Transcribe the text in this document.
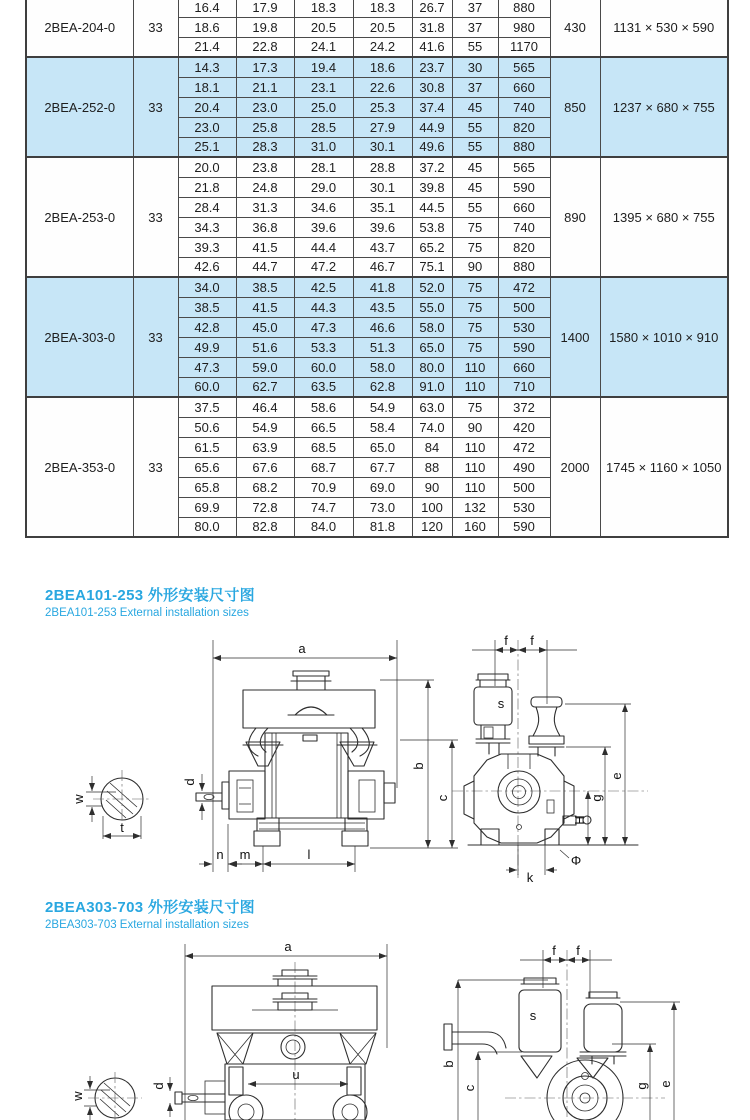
2BEA-204-0	33	16.4	17.9	18.3	18.3	26.7	37	880	430	1131 × 530 × 590
		18.6	19.8	20.5	20.5	31.8	37	980		
		21.4	22.8	24.1	24.2	41.6	55	1170		
2BEA-252-0	33	14.3	17.3	19.4	18.6	23.7	30	565	850	1237 × 680 × 755
		18.1	21.1	23.1	22.6	30.8	37	660		
		20.4	23.0	25.0	25.3	37.4	45	740		
		23.0	25.8	28.5	27.9	44.9	55	820		
		25.1	28.3	31.0	30.1	49.6	55	880		
2BEA-253-0	33	20.0	23.8	28.1	28.8	37.2	45	565	890	1395 × 680 × 755
		21.8	24.8	29.0	30.1	39.8	45	590		
		28.4	31.3	34.6	35.1	44.5	55	660		
		34.3	36.8	39.6	39.6	53.8	75	740		
		39.3	41.5	44.4	43.7	65.2	75	820		
		42.6	44.7	47.2	46.7	75.1	90	880		
2BEA-303-0	33	34.0	38.5	42.5	41.8	52.0	75	472	1400	1580 × 1010 × 910
		38.5	41.5	44.3	43.5	55.0	75	500		
		42.8	45.0	47.3	46.6	58.0	75	530		
		49.9	51.6	53.3	51.3	65.0	75	590		
		47.3	59.0	60.0	58.0	80.0	110	660		
		60.0	62.7	63.5	62.8	91.0	110	710		
2BEA-353-0	33	37.5	46.4	58.6	54.9	63.0	75	372	2000	1745 × 1160 × 1050
		50.6	54.9	66.5	58.4	74.0	90	420		
		61.5	63.9	68.5	65.0	84	110	472		
		65.6	67.6	68.7	67.7	88	110	490		
		65.8	68.2	70.9	69.0	90	110	500		
		69.9	72.8	74.7	73.0	100	132	530		
		80.0	82.8	84.0	81.8	120	160	590		
2BEA101-253 外形安装尺寸图
2BEA101-253 External installation sizes
w
t
a
d
n m	l
b
c
f f
s
e
g
H
k
Φ
2BEA303-703 外形安装尺寸图
2BEA303-703 External installation sizes
w
a
u
d
f f
s
b
c	g e
